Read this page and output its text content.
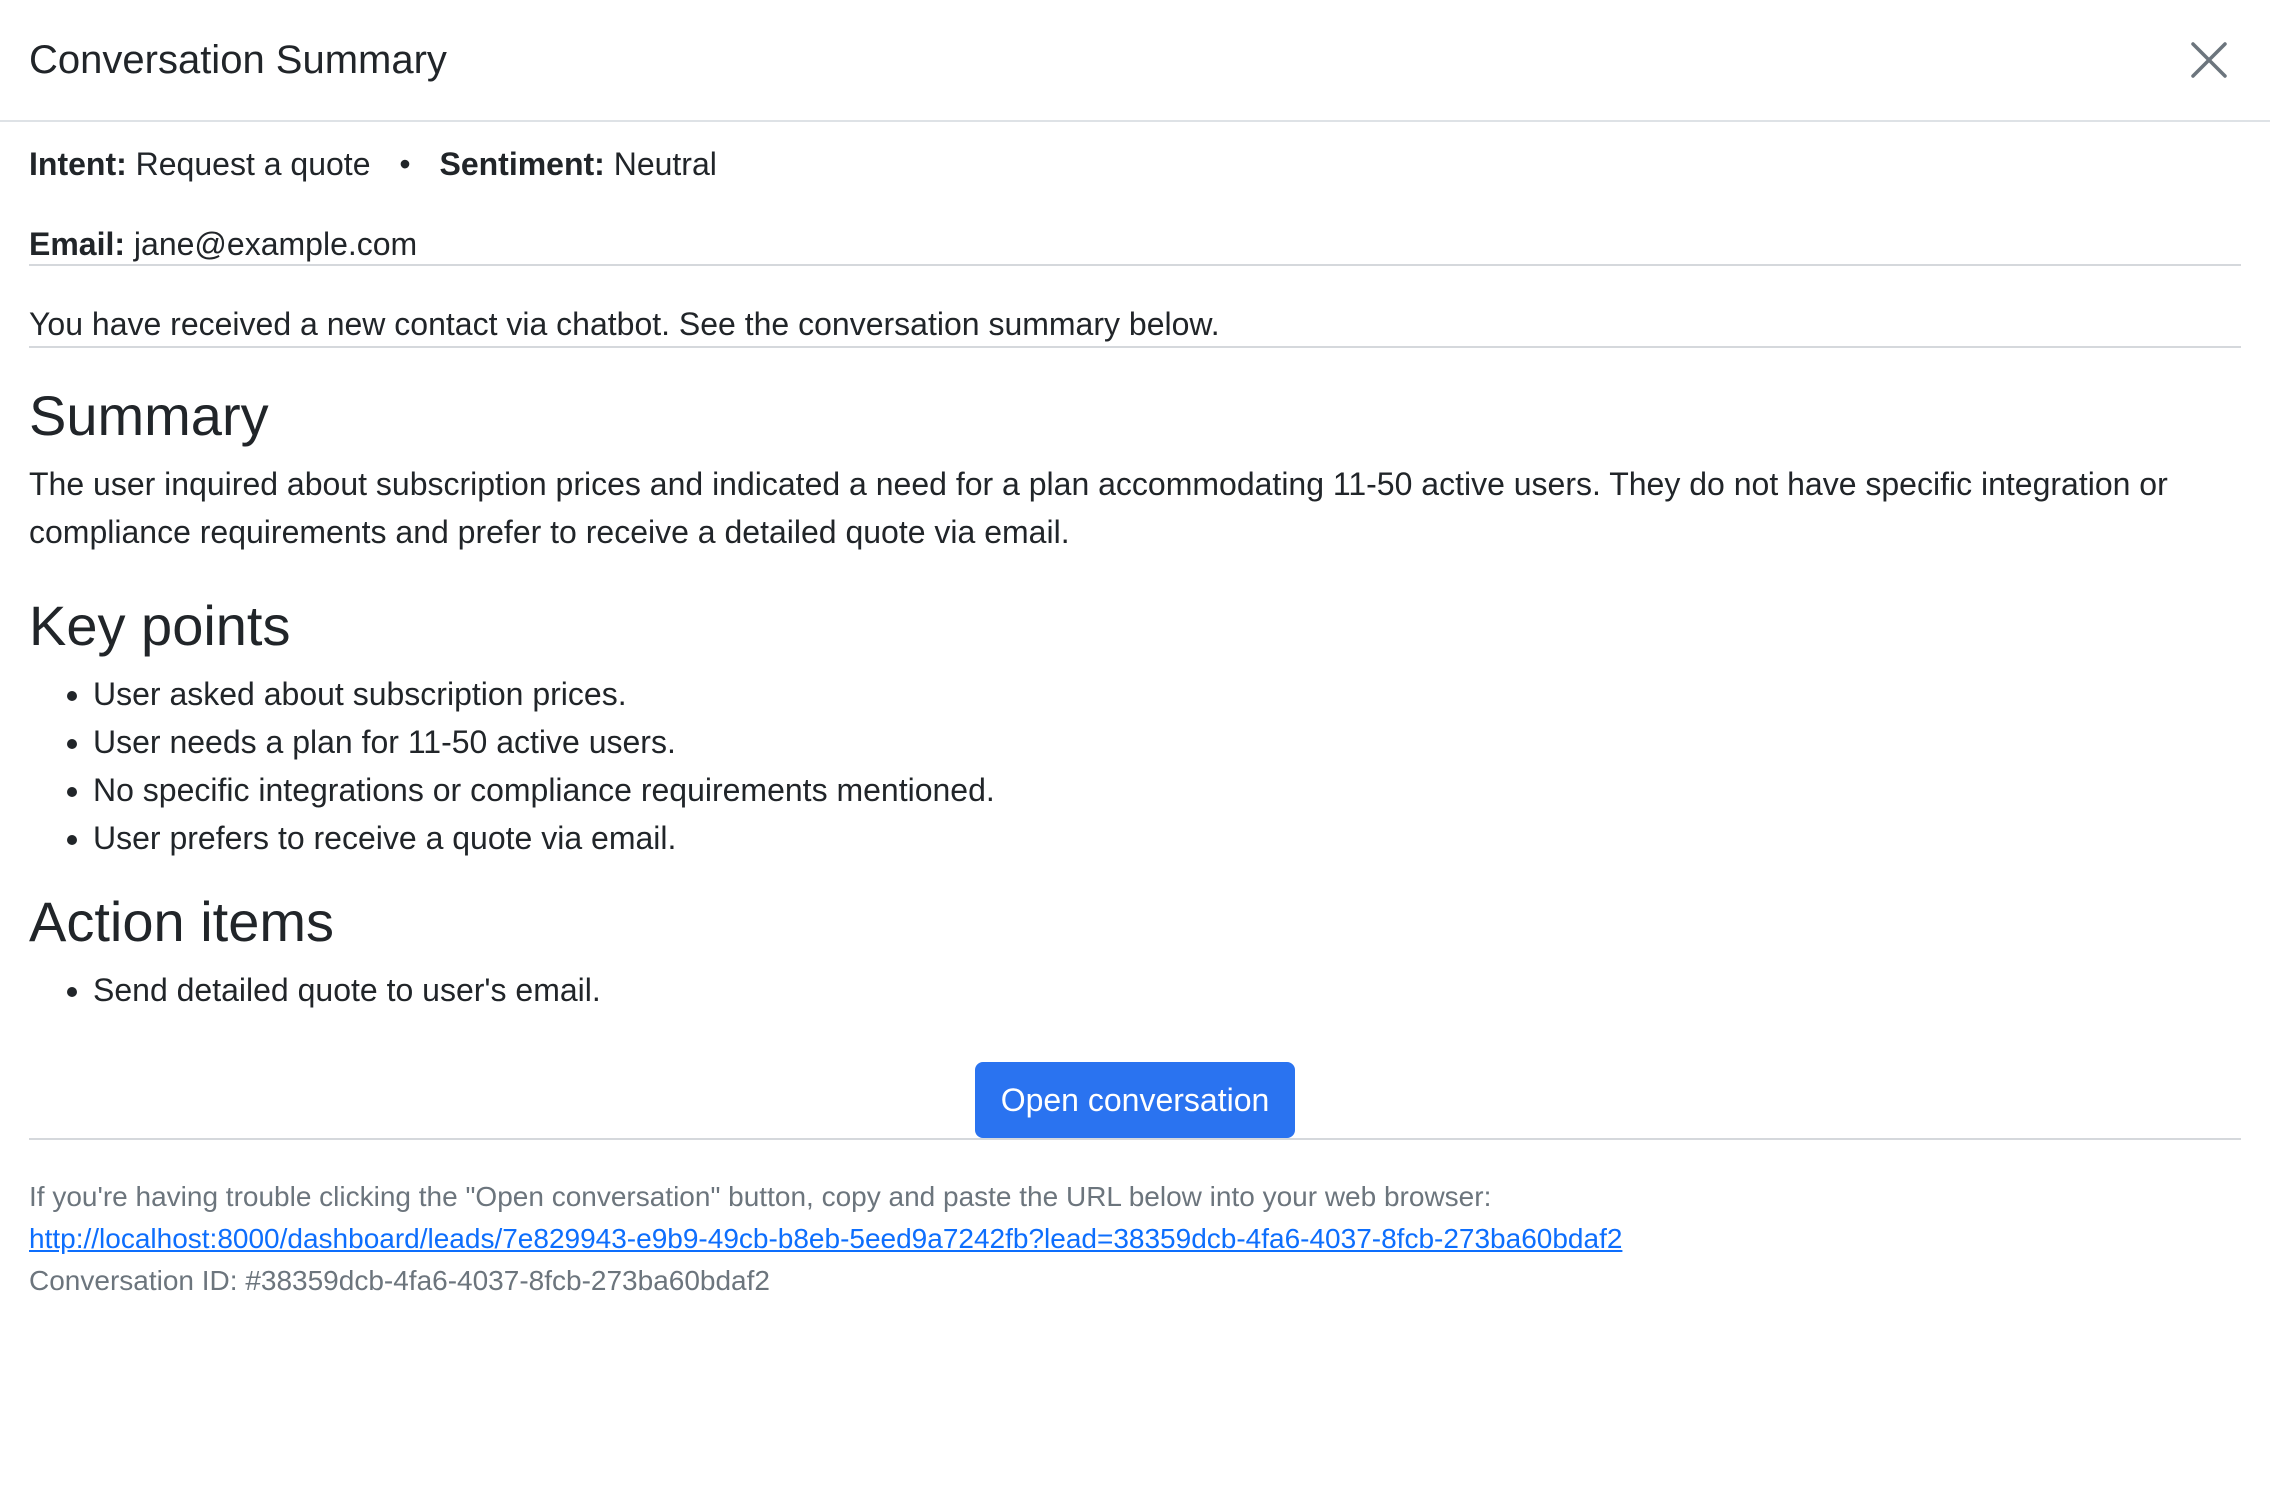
Conversation Summary
Intent: Request a quote • Sentiment: Neutral
Email: jane@example.com
You have received a new contact via chatbot. See the conversation summary below.
Summary
The user inquired about subscription prices and indicated a need for a plan accommodating 11-50 active users. They do not have specific integration or compliance requirements and prefer to receive a detailed quote via email.
Key points
• User asked about subscription prices.
• User needs a plan for 11-50 active users.
• No specific integrations or compliance requirements mentioned.
• User prefers to receive a quote via email.
Action items
• Send detailed quote to user's email.
Open conversation
If you're having trouble clicking the "Open conversation" button, copy and paste the URL below into your web browser:
http://localhost:8000/dashboard/leads/7e829943-e9b9-49cb-b8eb-5eed9a7242fb?lead=38359dcb-4fa6-4037-8fcb-273ba60bdaf2
Conversation ID: #38359dcb-4fa6-4037-8fcb-273ba60bdaf2
